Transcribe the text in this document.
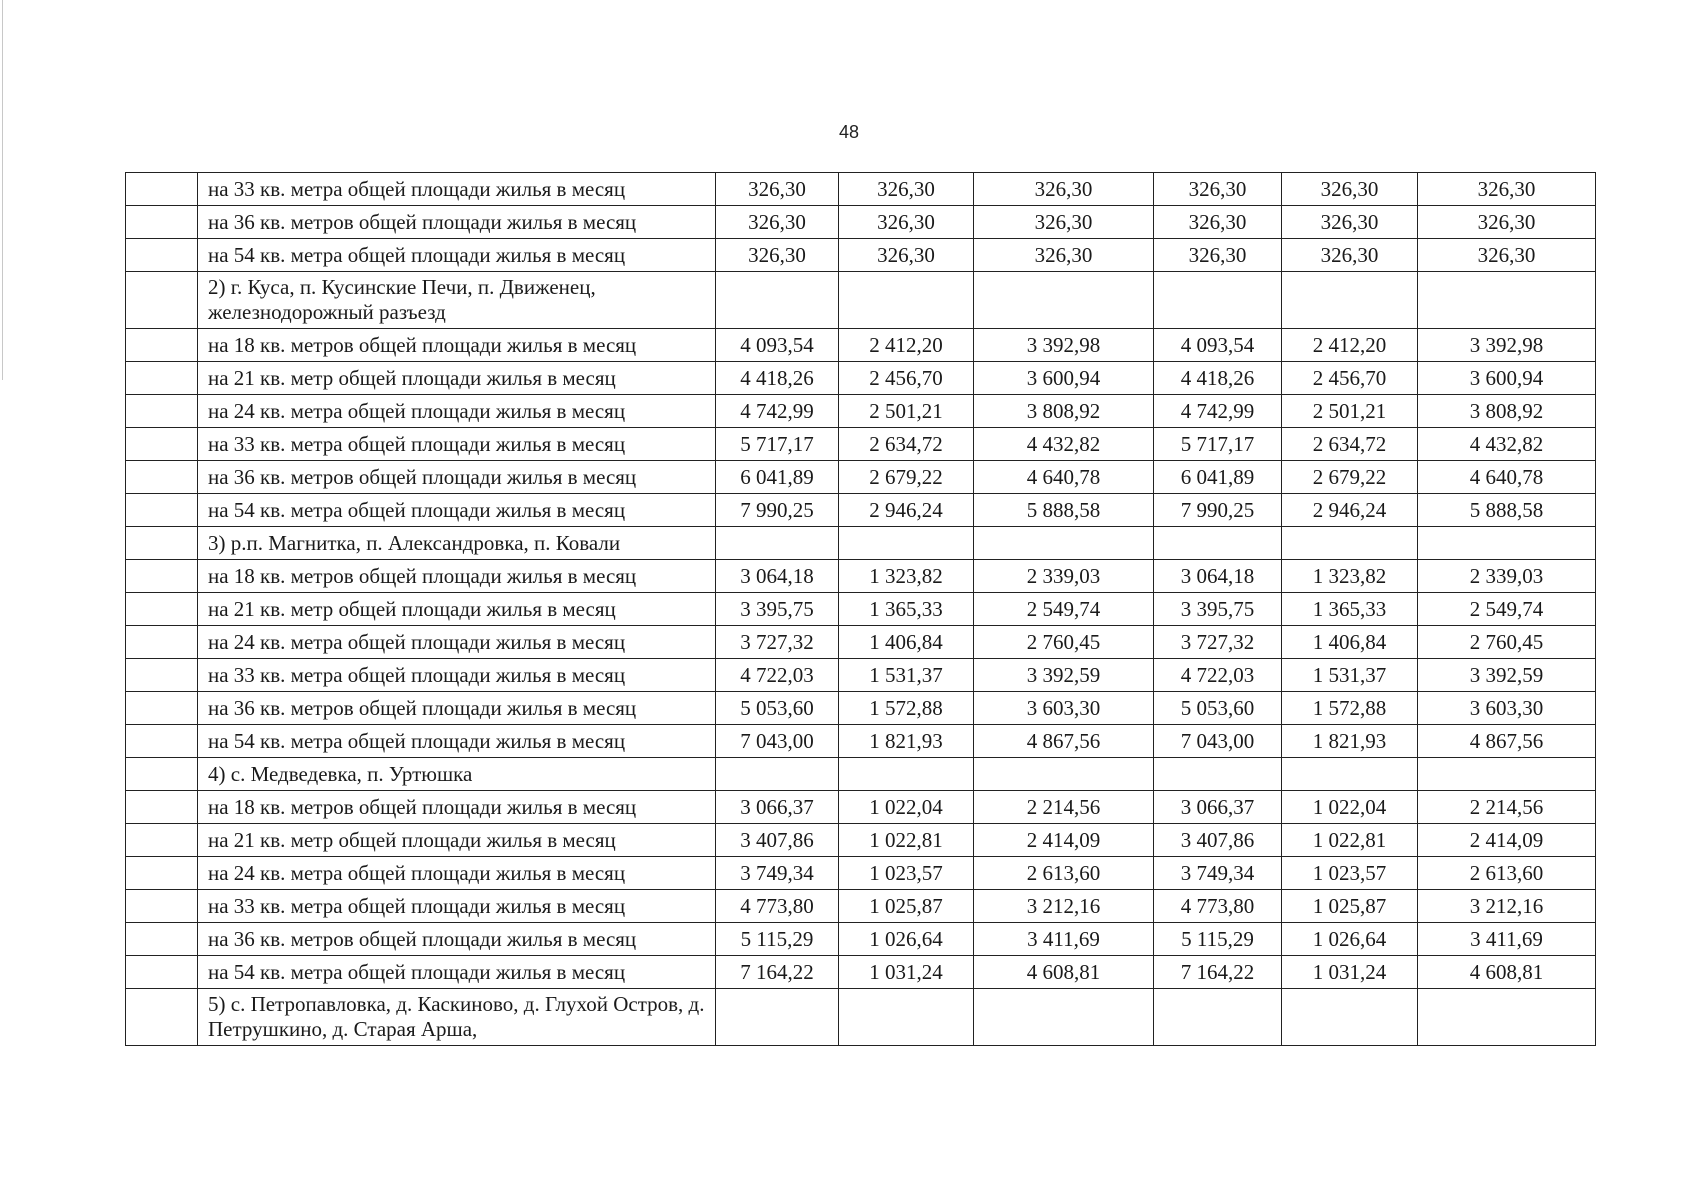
48
	на 33 кв. метра общей площади жилья в месяц	326,30	326,30	326,30	326,30	326,30	326,30
	на 36 кв. метров общей площади жилья в месяц	326,30	326,30	326,30	326,30	326,30	326,30
	на 54 кв. метра общей площади жилья в месяц	326,30	326,30	326,30	326,30	326,30	326,30
	2) г. Куса, п. Кусинские Печи, п. Движенец, железнодорожный разъезд						
	на 18 кв. метров общей площади жилья в месяц	4 093,54	2 412,20	3 392,98	4 093,54	2 412,20	3 392,98
	на 21 кв. метр общей площади жилья в месяц	4 418,26	2 456,70	3 600,94	4 418,26	2 456,70	3 600,94
	на 24 кв. метра общей площади жилья в месяц	4 742,99	2 501,21	3 808,92	4 742,99	2 501,21	3 808,92
	на 33 кв. метра общей площади жилья в месяц	5 717,17	2 634,72	4 432,82	5 717,17	2 634,72	4 432,82
	на 36 кв. метров общей площади жилья в месяц	6 041,89	2 679,22	4 640,78	6 041,89	2 679,22	4 640,78
	на 54 кв. метра общей площади жилья в месяц	7 990,25	2 946,24	5 888,58	7 990,25	2 946,24	5 888,58
	3) р.п. Магнитка, п. Александровка, п. Ковали						
	на 18 кв. метров общей площади жилья в месяц	3 064,18	1 323,82	2 339,03	3 064,18	1 323,82	2 339,03
	на 21 кв. метр общей площади жилья в месяц	3 395,75	1 365,33	2 549,74	3 395,75	1 365,33	2 549,74
	на 24 кв. метра общей площади жилья в месяц	3 727,32	1 406,84	2 760,45	3 727,32	1 406,84	2 760,45
	на 33 кв. метра общей площади жилья в месяц	4 722,03	1 531,37	3 392,59	4 722,03	1 531,37	3 392,59
	на 36 кв. метров общей площади жилья в месяц	5 053,60	1 572,88	3 603,30	5 053,60	1 572,88	3 603,30
	на 54 кв. метра общей площади жилья в месяц	7 043,00	1 821,93	4 867,56	7 043,00	1 821,93	4 867,56
	4) с. Медведевка, п. Уртюшка						
	на 18 кв. метров общей площади жилья в месяц	3 066,37	1 022,04	2 214,56	3 066,37	1 022,04	2 214,56
	на 21 кв. метр общей площади жилья в месяц	3 407,86	1 022,81	2 414,09	3 407,86	1 022,81	2 414,09
	на 24 кв. метра общей площади жилья в месяц	3 749,34	1 023,57	2 613,60	3 749,34	1 023,57	2 613,60
	на 33 кв. метра общей площади жилья в месяц	4 773,80	1 025,87	3 212,16	4 773,80	1 025,87	3 212,16
	на 36 кв. метров общей площади жилья в месяц	5 115,29	1 026,64	3 411,69	5 115,29	1 026,64	3 411,69
	на 54 кв. метра общей площади жилья в месяц	7 164,22	1 031,24	4 608,81	7 164,22	1 031,24	4 608,81
	5) с. Петропавловка, д. Каскиново, д. Глухой Остров, д. Петрушкино, д. Старая Арша,						
